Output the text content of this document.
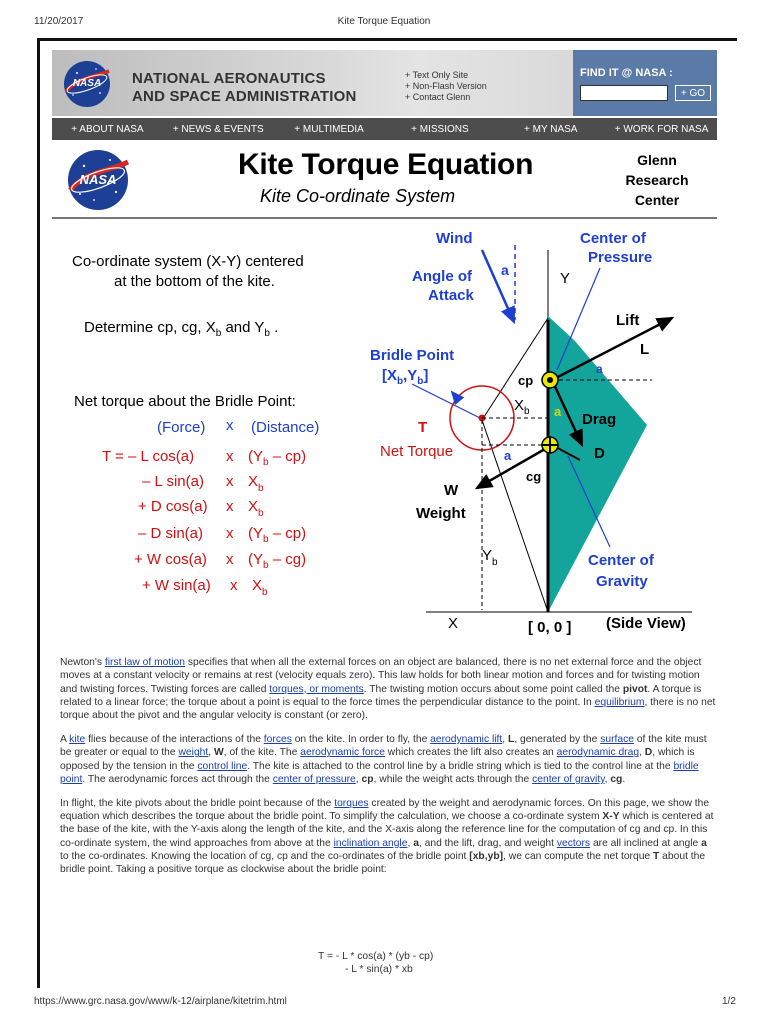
11/20/2017	Kite Torque Equation
https://www.grc.nasa.gov/www/k-12/airplane/kitetrim.html	1/2
NATIONAL AERONAUTICS
AND SPACE ADMINISTRATION
NASA
+ Text Only Site
+ Non-Flash Version
+ Contact Glenn
FIND IT @ NASA :
+ GO
+ ABOUT NASA	+ NEWS & EVENTS	+ MULTIMEDIA	+ MISSIONS	+ MY NASA	+ WORK FOR NASA
NASA	Kite Torque Equation
Kite Co-ordinate System
Glenn
Research
Center
Co-ordinate system (X-Y) centered
at the bottom of the kite.
Determine cp, cg, $X_b$ and $Y_b$ .
Net torque about the Bridle Point:
(Force) x (Distance)
T = – L cos(a) x $(Y_b - cp)$
– L sin(a) x $X_b$
+ D cos(a) x $X_b$
– D sin(a) x $(Y_b - cp)$
+ W cos(a) x $(Y_b - cg)$
+ W sin(a) x $X_b$
Wind
Angle of
Attack
a	Y
Center of
Pressure
Lift
L
a
Drag
a
cp
Bridle Point
$[X_b,Y_b]$
$X_b$
T
Net Torque	a	D
cg
W
Weight
$Y_b$	Center of
Gravity
X	[ 0, 0 ] (Side View)

Newton's first law of motion specifies that when all the external forces on an object are balanced, there is no net external force and the object moves at a constant velocity or remains at rest (velocity equals zero). This law holds for both linear motion and forces and for twisting motion and twisting forces. Twisting forces are called torques, or moments. The twisting motion occurs about some point called the pivot. A torque is related to a linear force; the torque about a point is equal to the force times the perpendicular distance to the point. In equilibrium, there is no net torque about the pivot and the angular velocity is constant (or zero).

A kite flies because of the interactions of the forces on the kite. In order to fly, the aerodynamic lift, L, generated by the surface of the kite must be greater or equal to the weight, W, of the kite. The aerodynamic force which creates the lift also creates an aerodynamic drag, D, which is opposed by the tension in the control line. The kite is attached to the control line by a bridle string which is tied to the control line at the bridle point. The aerodynamic forces act through the center of pressure, cp, while the weight acts through the center of gravity, cg.

In flight, the kite pivots about the bridle point because of the torques created by the weight and aerodynamic forces. On this page, we show the equation which describes the torque about the bridle point. To simplify the calculation, we choose a co-ordinate system X-Y which is centered at the base of the kite, with the Y-axis along the length of the kite, and the X-axis along the reference line for the computation of cg and cp. In this co-ordinate system, the wind approaches from above at the inclination angle, a, and the lift, drag, and weight vectors are all inclined at angle a to the co-ordinates. Knowing the location of cg, cp and the co-ordinates of the bridle point [xb,yb], we can compute the net torque T about the bridle point. Taking a positive torque as clockwise about the bridle point:

T = - L * cos(a) * (yb - cp)
- L * sin(a) * xb
